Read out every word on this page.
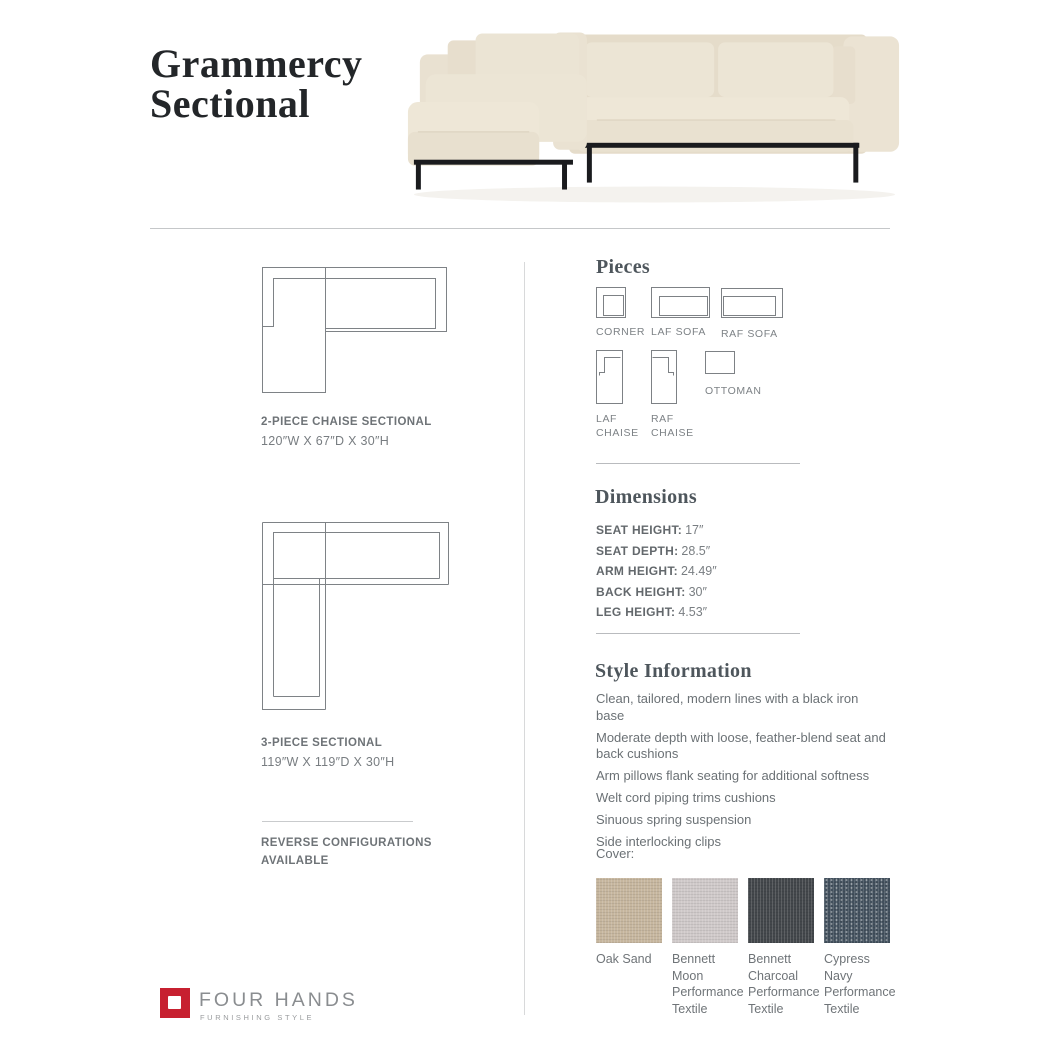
Grammercy
Sectional
2-PIECE CHAISE SECTIONAL
120″W X 67″D X 30″H
3-PIECE SECTIONAL
119″W X 119″D X 30″H
REVERSE CONFIGURATIONS
AVAILABLE
Pieces
CORNER LAF SOFA RAF SOFA
OTTOMAN
LAF CHAISE
RAF CHAISE
Dimensions
SEAT HEIGHT: 17″
SEAT DEPTH: 28.5″
ARM HEIGHT: 24.49″
BACK HEIGHT: 30″
LEG HEIGHT: 4.53″
Style Information

Clean, tailored, modern lines with a black iron base

Moderate depth with loose, feather-blend seat and back cushions

Arm pillows flank seating for additional softness

Welt cord piping trims cushions

Sinuous spring suspension

Side interlocking clips

Cover:
Oak Sand	Bennett Moon Performance Textile
Bennett Charcoal Performance Textile
Cypress Navy Performance Textile
FOUR HANDS
FURNISHING STYLE
